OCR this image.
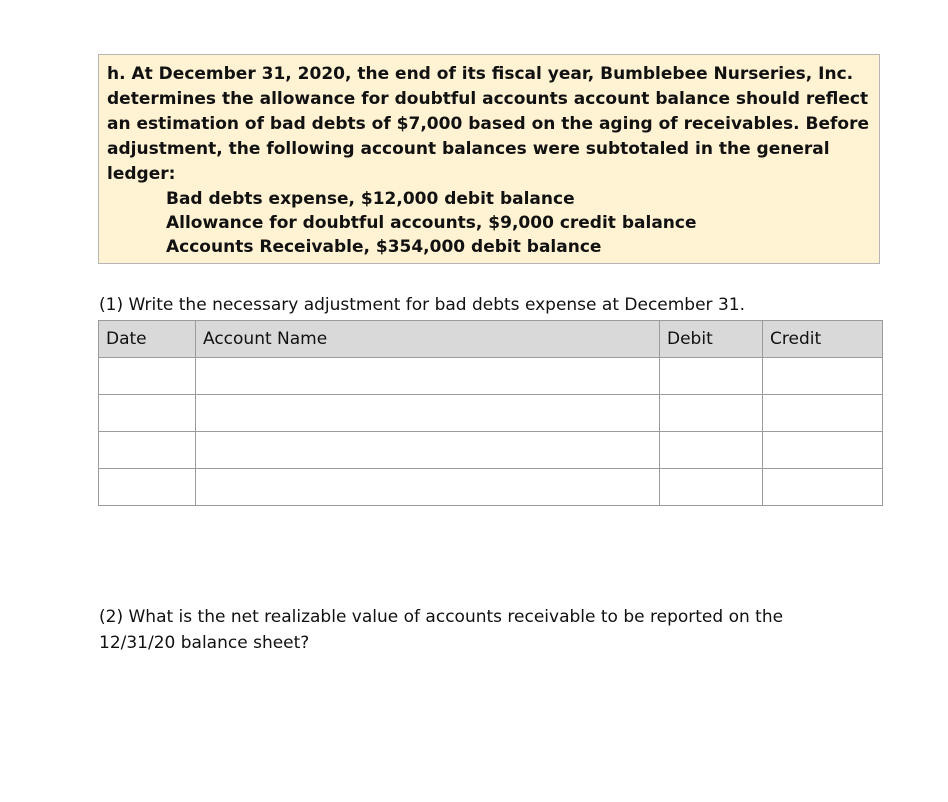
h. At December 31, 2020, the end of its fiscal year, Bumblebee Nurseries, Inc. determines the allowance for doubtful accounts account balance should reflect an estimation of bad debts of $7,000 based on the aging of receivables. Before adjustment, the following account balances were subtotaled in the general ledger:

Bad debts expense, $12,000 debit balance
Allowance for doubtful accounts, $9,000 credit balance
Accounts Receivable, $354,000 debit balance

(1) Write the necessary adjustment for bad debts expense at December 31.

Date	Account Name	Debit	Credit

(2) What is the net realizable value of accounts receivable to be reported on the 12/31/20 balance sheet?
